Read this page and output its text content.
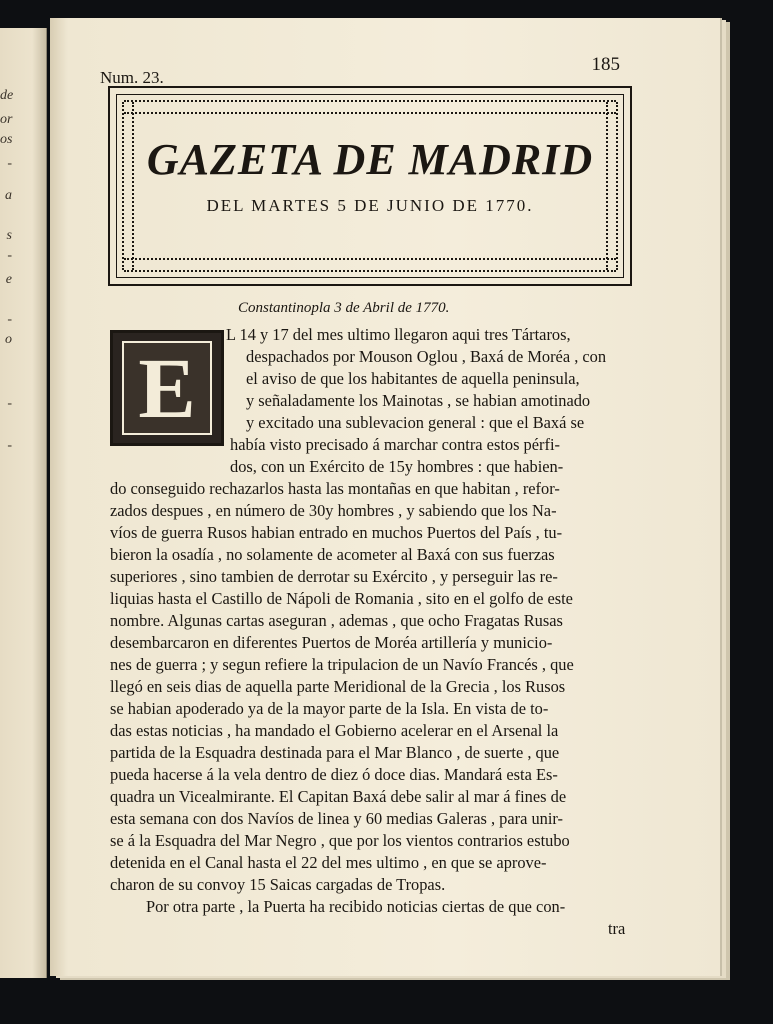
de
or
os
-
a
s
-
e
-
o
-
-
185
Num. 23.
GAZETA DE MADRID
DEL MARTES 5 DE JUNIO DE 1770.
Constantinopla 3 de Abril de 1770.
E
L 14 y 17 del mes ultimo llegaron aqui tres Tártaros,
despachados por Mouson Oglou , Baxá de Moréa , con
el aviso de que los habitantes de aquella peninsula,
y señaladamente los Mainotas , se habian amotinado
y excitado una sublevacion general : que el Baxá se
había visto precisado á marchar contra estos pérfi-
dos, con un Exército de 15y hombres : que habien-
do conseguido rechazarlos hasta las montañas en que habitan , refor-
zados despues , en número de 30y hombres , y sabiendo que los Na-
víos de guerra Rusos habian entrado en muchos Puertos del País , tu-
bieron la osadía , no solamente de acometer al Baxá con sus fuerzas
superiores , sino tambien de derrotar su Exército , y perseguir las re-
liquias hasta el Castillo de Nápoli de Romania , sito en el golfo de este
nombre. Algunas cartas aseguran , ademas , que ocho Fragatas Rusas
desembarcaron en diferentes Puertos de Moréa artillería y municio-
nes de guerra ; y segun refiere la tripulacion de un Navío Francés , que
llegó en seis dias de aquella parte Meridional de la Grecia , los Rusos
se habian apoderado ya de la mayor parte de la Isla. En vista de to-
das estas noticias , ha mandado el Gobierno acelerar en el Arsenal la
partida de la Esquadra destinada para el Mar Blanco , de suerte , que
pueda hacerse á la vela dentro de diez ó doce dias. Mandará esta Es-
quadra un Vicealmirante. El Capitan Baxá debe salir al mar á fines de
esta semana con dos Navíos de linea y 60 medias Galeras , para unir-
se á la Esquadra del Mar Negro , que por los vientos contrarios estubo
detenida en el Canal hasta el 22 del mes ultimo , en que se aprove-
charon de su convoy 15 Saicas cargadas de Tropas.
Por otra parte , la Puerta ha recibido noticias ciertas de que con-
tra
